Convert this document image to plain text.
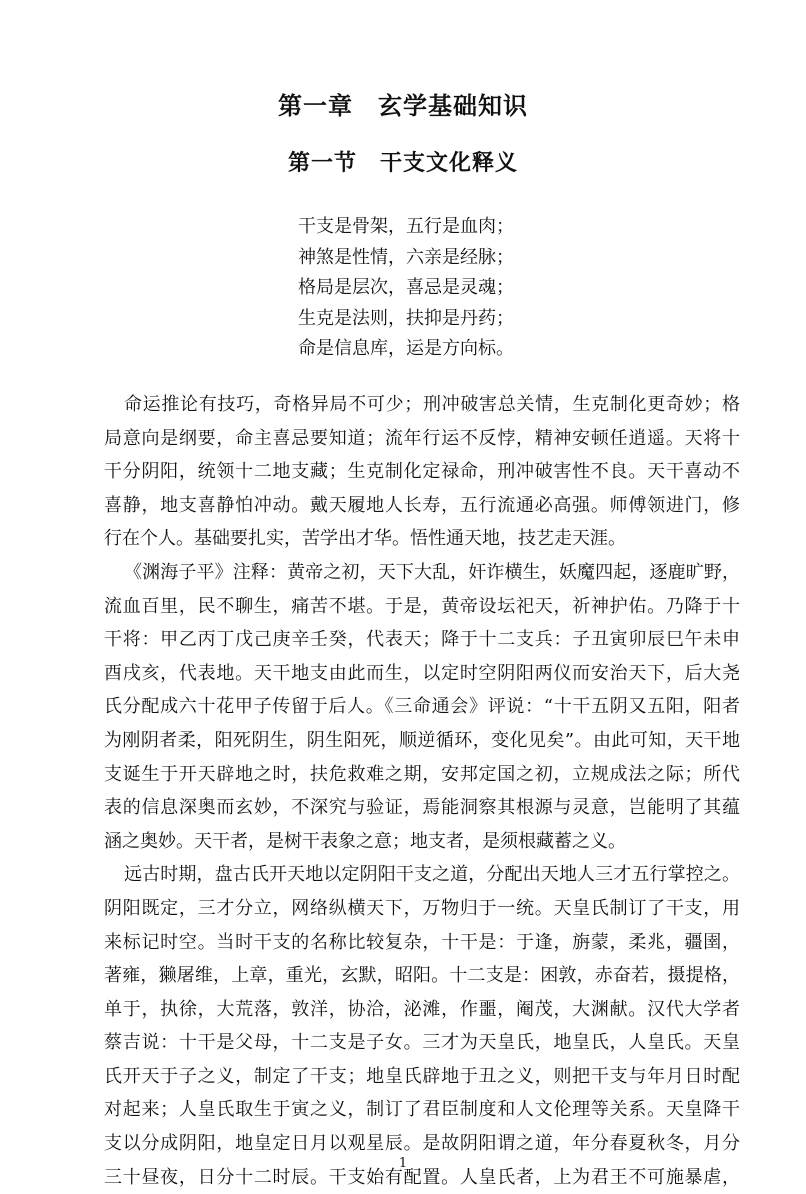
第一章　玄学基础知识
第一节　干支文化释义
干支是骨架，五行是血肉；
神煞是性情，六亲是经脉；
格局是层次，喜忌是灵魂；
生克是法则，扶抑是丹药；
命是信息库，运是方向标。
命运推论有技巧，奇格异局不可少；刑冲破害总关情，生克制化更奇妙；格
局意向是纲要，命主喜忌要知道；流年行运不反悖，精神安顿任逍遥。天将十
干分阴阳，统领十二地支藏；生克制化定禄命，刑冲破害性不良。天干喜动不
喜静，地支喜静怕冲动。戴天履地人长寿，五行流通必高强。师傅领进门，修
行在个人。基础要扎实，苦学出才华。悟性通天地，技艺走天涯。
《渊海子平》注释：黄帝之初，天下大乱，奸诈横生，妖魔四起，逐鹿旷野，
流血百里，民不聊生，痛苦不堪。于是，黄帝设坛祀天，祈神护佑。乃降于十
干将：甲乙丙丁戊己庚辛壬癸，代表天；降于十二支兵：子丑寅卯辰巳午未申
酉戌亥，代表地。天干地支由此而生，以定时空阴阳两仪而安治天下，后大尧
氏分配成六十花甲子传留于后人。《三命通会》评说：“十干五阴又五阳，阳者
为刚阴者柔，阳死阴生，阴生阳死，顺逆循环，变化见矣”。由此可知，天干地
支诞生于开天辟地之时，扶危救难之期，安邦定国之初，立规成法之际；所代
表的信息深奥而玄妙，不深究与验证，焉能洞察其根源与灵意，岂能明了其蕴
涵之奥妙。天干者，是树干表象之意；地支者，是须根藏蓄之义。
远古时期，盘古氏开天地以定阴阳干支之道，分配出天地人三才五行掌控之。
阴阳既定，三才分立，网络纵横天下，万物归于一统。天皇氏制订了干支，用
来标记时空。当时干支的名称比较复杂，十干是：于逢，旃蒙，柔兆，疆圉，
著雍，獭屠维，上章，重光，玄默，昭阳。十二支是：困敦，赤奋若，摄提格，
单于，执徐，大荒落，敦洋，协洽，泌滩，作噩，阉茂，大渊献。汉代大学者
蔡吉说：十干是父母，十二支是子女。三才为天皇氏，地皇氏，人皇氏。天皇
氏开天于子之义，制定了干支；地皇氏辟地于丑之义，则把干支与年月日时配
对起来；人皇氏取生于寅之义，制订了君臣制度和人文伦理等关系。天皇降干
支以分成阴阳，地皇定日月以观星辰。是故阴阳谓之道，年分春夏秋冬，月分
三十昼夜，日分十二时辰。干支始有配置。人皇氏者，上为君王不可施暴虐，
1
